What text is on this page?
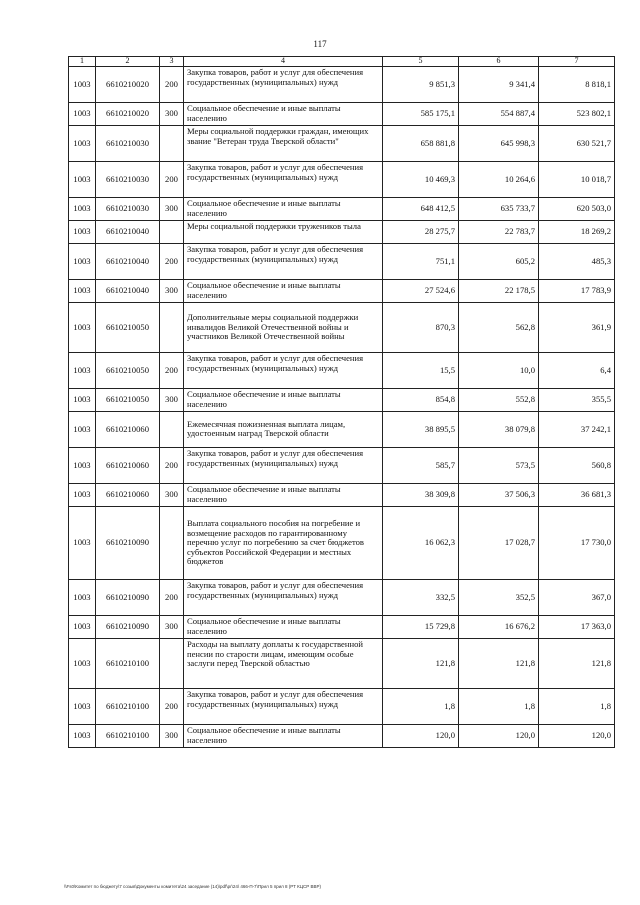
117
1	2	3	4	5	6	7
1003	6610210020	200	Закупка товаров, работ и услуг для обеспечения государственных (муниципальных) нужд	9 851,3	9 341,4	8 818,1
1003	6610210020	300	Социальное обеспечение и иные выплаты населению	585 175,1	554 887,4	523 802,1
1003	6610210030		Меры социальной поддержки граждан, имеющих звание "Ветеран труда Тверской области"	658 881,8	645 998,3	630 521,7
1003	6610210030	200	Закупка товаров, работ и услуг для обеспечения государственных (муниципальных) нужд	10 469,3	10 264,6	10 018,7
1003	6610210030	300	Социальное обеспечение и иные выплаты населению	648 412,5	635 733,7	620 503,0
1003	6610210040		Меры социальной поддержки тружеников тыла	28 275,7	22 783,7	18 269,2
1003	6610210040	200	Закупка товаров, работ и услуг для обеспечения государственных (муниципальных) нужд	751,1	605,2	485,3
1003	6610210040	300	Социальное обеспечение и иные выплаты населению	27 524,6	22 178,5	17 783,9
1003	6610210050		Дополнительные меры социальной поддержки инвалидов Великой Отечественной войны и участников Великой Отечественной войны	870,3	562,8	361,9
1003	6610210050	200	Закупка товаров, работ и услуг для обеспечения государственных (муниципальных) нужд	15,5	10,0	6,4
1003	6610210050	300	Социальное обеспечение и иные выплаты населению	854,8	552,8	355,5
1003	6610210060		Ежемесячная пожизненная выплата лицам, удостоенным наград Тверской области	38 895,5	38 079,8	37 242,1
1003	6610210060	200	Закупка товаров, работ и услуг для обеспечения государственных (муниципальных) нужд	585,7	573,5	560,8
1003	6610210060	300	Социальное обеспечение и иные выплаты населению	38 309,8	37 506,3	36 681,3
1003	6610210090		Выплата социального пособия на погребение и возмещение расходов по гарантированному перечню услуг по погребению за счет бюджетов субъектов Российской Федерации и местных бюджетов	16 062,3	17 028,7	17 730,0
1003	6610210090	200	Закупка товаров, работ и услуг для обеспечения государственных (муниципальных) нужд	332,5	352,5	367,0
1003	6610210090	300	Социальное обеспечение и иные выплаты населению	15 729,8	16 676,2	17 363,0
1003	6610210100		Расходы на выплату доплаты к государственной пенсии по старости лицам, имеющим особые заслуги перед Тверской областью	121,8	121,8	121,8
1003	6610210100	200	Закупка товаров, работ и услуг для обеспечения государственных (муниципальных) нужд	1,8	1,8	1,8
1003	6610210100	300	Социальное обеспечение и иные выплаты населению	120,0	120,0	120,0
\\Fs0\Комитет по бюджету\7 созыв\Документы комитета\24 заседание (14)\pdf\pr\24\ 466-П-7\Прил 5 прил 8 (РТ КЦСР ВВР)
